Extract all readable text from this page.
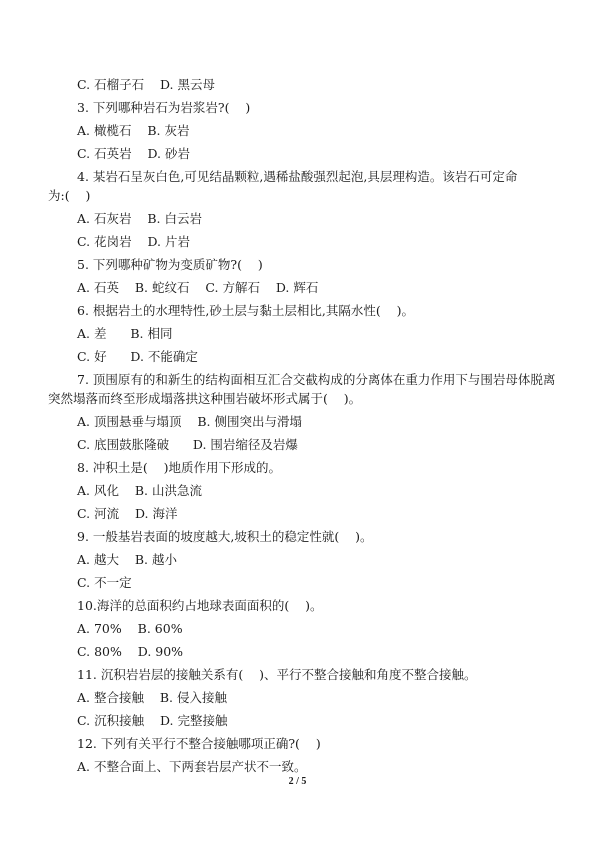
C. 石榴子石    D. 黑云母
3. 下列哪种岩石为岩浆岩?(    )
A. 橄榄石    B. 灰岩
C. 石英岩    D. 砂岩
4. 某岩石呈灰白色,可见结晶颗粒,遇稀盐酸强烈起泡,具层理构造。该岩石可定命
为:(    )
A. 石灰岩    B. 白云岩
C. 花岗岩    D. 片岩
5. 下列哪种矿物为变质矿物?(    )
A. 石英    B. 蛇纹石    C. 方解石    D. 辉石
6. 根据岩土的水理特性,砂土层与黏土层相比,其隔水性(    )。
A. 差      B. 相同
C. 好      D. 不能确定
7. 顶围原有的和新生的结构面相互汇合交截构成的分离体在重力作用下与围岩母体脱离
突然塌落而终至形成塌落拱这种围岩破坏形式属于(    )。
A. 顶围悬垂与塌顶    B. 侧围突出与滑塌
C. 底围鼓胀隆破      D. 围岩缩径及岩爆
8. 冲积土是(    )地质作用下形成的。
A. 风化    B. 山洪急流
C. 河流    D. 海洋
9. 一般基岩表面的坡度越大,坡积土的稳定性就(    )。
A. 越大    B. 越小
C. 不一定
10.海洋的总面积约占地球表面面积的(    )。
A. 70%    B. 60%
C. 80%    D. 90%
11. 沉积岩岩层的接触关系有(    )、平行不整合接触和角度不整合接触。
A. 整合接触    B. 侵入接触
C. 沉积接触    D. 完整接触
12. 下列有关平行不整合接触哪项正确?(    )
A. 不整合面上、下两套岩层产状不一致。
2 / 5
